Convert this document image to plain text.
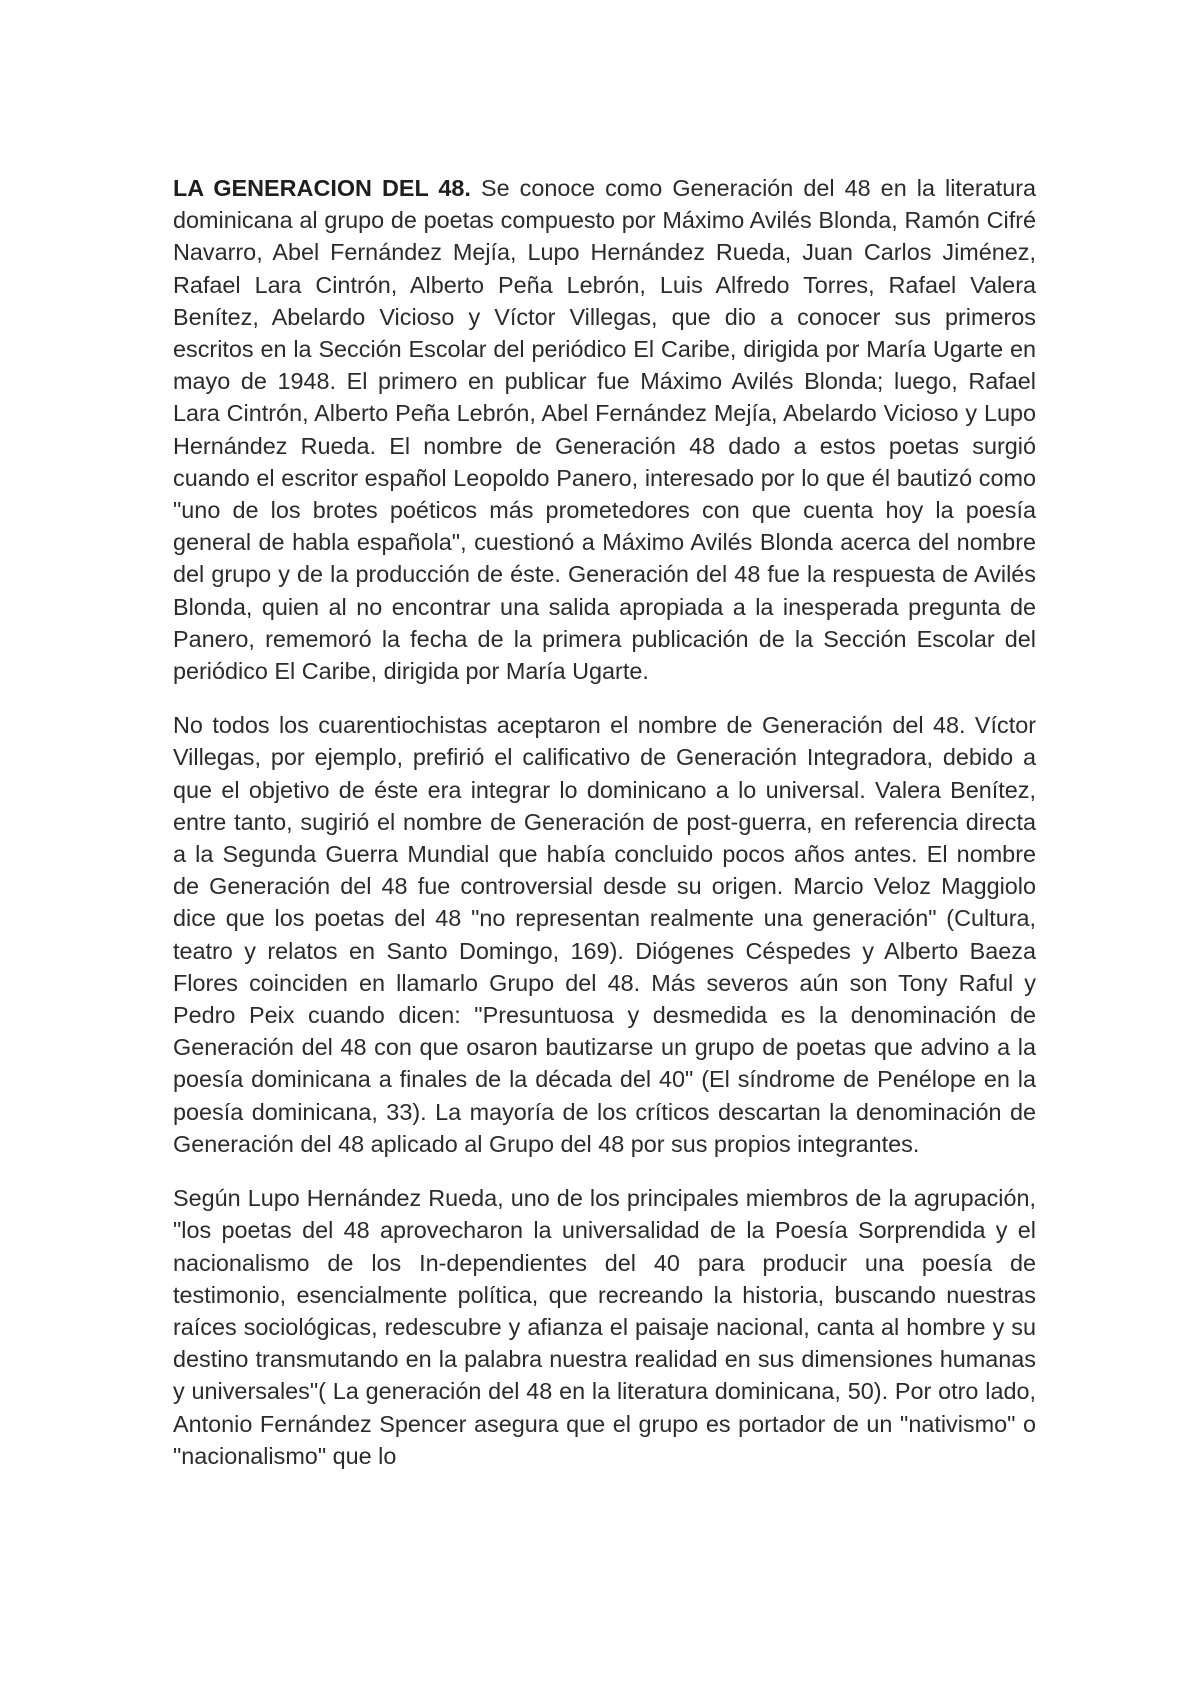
LA GENERACION DEL 48. Se conoce como Generación del 48 en la literatura dominicana al grupo de poetas compuesto por Máximo Avilés Blonda, Ramón Cifré Navarro, Abel Fernández Mejía, Lupo Hernández Rueda, Juan Carlos Jiménez, Rafael Lara Cintrón, Alberto Peña Lebrón, Luis Alfredo Torres, Rafael Valera Benítez, Abelardo Vicioso y Víctor Villegas, que dio a conocer sus primeros escritos en la Sección Escolar del periódico El Caribe, dirigida por María Ugarte en mayo de 1948. El primero en publicar fue Máximo Avilés Blonda; luego, Rafael Lara Cintrón, Alberto Peña Lebrón, Abel Fernández Mejía, Abelardo Vicioso y Lupo Hernández Rueda. El nombre de Generación 48 dado a estos poetas surgió cuando el escritor español Leopoldo Panero, interesado por lo que él bautizó como "uno de los brotes poéticos más prometedores con que cuenta hoy la poesía general de habla española", cuestionó a Máximo Avilés Blonda acerca del nombre del grupo y de la producción de éste. Generación del 48 fue la respuesta de Avilés Blonda, quien al no encontrar una salida apropiada a la inesperada pregunta de Panero, rememoró la fecha de la primera publicación de la Sección Escolar del periódico El Caribe, dirigida por María Ugarte.

No todos los cuarentiochistas aceptaron el nombre de Generación del 48. Víctor Villegas, por ejemplo, prefirió el calificativo de Generación Integradora, debido a que el objetivo de éste era integrar lo dominicano a lo universal. Valera Benítez, entre tanto, sugirió el nombre de Generación de post-guerra, en referencia directa a la Segunda Guerra Mundial que había concluido pocos años antes. El nombre de Generación del 48 fue controversial desde su origen. Marcio Veloz Maggiolo dice que los poetas del 48 "no representan realmente una generación" (Cultura, teatro y relatos en Santo Domingo, 169). Diógenes Céspedes y Alberto Baeza Flores coinciden en llamarlo Grupo del 48. Más severos aún son Tony Raful y Pedro Peix cuando dicen: "Presuntuosa y desmedida es la denominación de Generación del 48 con que osaron bautizarse un grupo de poetas que advino a la poesía dominicana a finales de la década del 40" (El síndrome de Penélope en la poesía dominicana, 33). La mayoría de los críticos descartan la denominación de Generación del 48 aplicado al Grupo del 48 por sus propios integrantes.

Según Lupo Hernández Rueda, uno de los principales miembros de la agrupación, "los poetas del 48 aprovecharon la universalidad de la Poesía Sorprendida y el nacionalismo de los In-dependientes del 40 para producir una poesía de testimonio, esencialmente política, que recreando la historia, buscando nuestras raíces sociológicas, redescubre y afianza el paisaje nacional, canta al hombre y su destino transmutando en la palabra nuestra realidad en sus dimensiones humanas y universales"( La generación del 48 en la literatura dominicana, 50). Por otro lado, Antonio Fernández Spencer asegura que el grupo es portador de un "nativismo" o "nacionalismo" que lo
